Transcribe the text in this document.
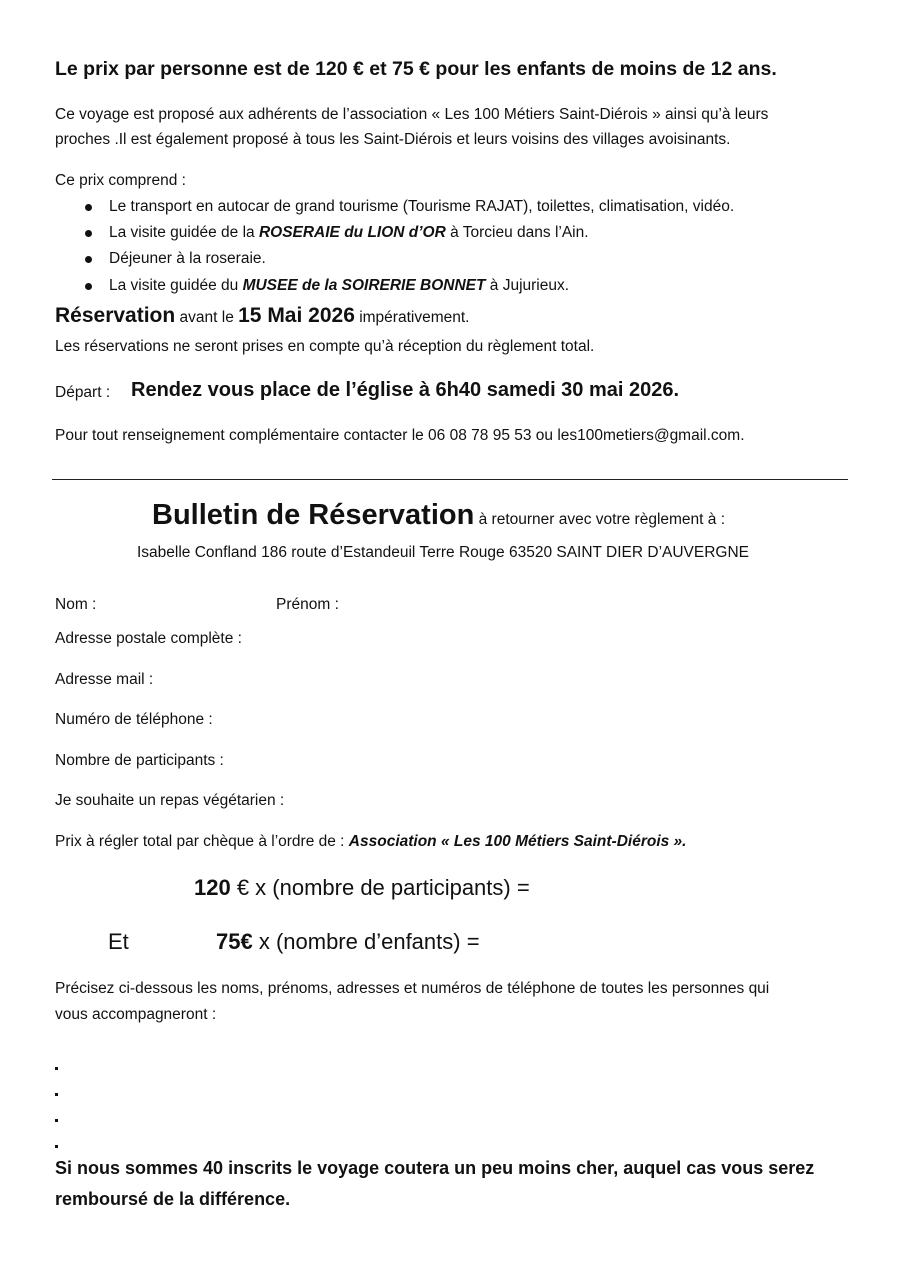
Le prix par personne est de 120 € et 75 € pour les enfants de moins de 12 ans.
Ce voyage est proposé aux adhérents de l’association « Les 100 Métiers Saint-Diérois » ainsi qu’à leurs
proches .Il est également proposé à tous les Saint-Diérois et leurs voisins des villages avoisinants.
Ce prix comprend :
Le transport en autocar de grand tourisme (Tourisme RAJAT), toilettes, climatisation, vidéo.
La visite guidée de la ROSERAIE du LION d’OR à Torcieu dans l’Ain.
Déjeuner à la roseraie.
La visite guidée du MUSEE de la SOIRERIE BONNET à Jujurieux.
Réservation avant le 15 Mai 2026 impérativement.
Les réservations ne seront prises en compte qu’à réception du règlement total.
Départ : Rendez vous place de l’église à 6h40 samedi 30 mai 2026.
Pour tout renseignement complémentaire contacter le 06 08 78 95 53 ou les100metiers@gmail.com.
Bulletin de Réservation à retourner avec votre règlement à :
Isabelle Confland 186 route d’Estandeuil Terre Rouge 63520 SAINT DIER D’AUVERGNE
Nom :	Prénom :
Adresse postale complète :
Adresse mail :
Numéro de téléphone :
Nombre de participants :
Je souhaite un repas végétarien :
Prix à régler total par chèque à l’ordre de : Association « Les 100 Métiers Saint-Diérois ».
120 € x (nombre de participants) =
Et	75€ x (nombre d’enfants) =
Précisez ci-dessous les noms, prénoms, adresses et numéros de téléphone de toutes les personnes qui
vous accompagneront :
Si nous sommes 40 inscrits le voyage coutera un peu moins cher, auquel cas vous serez
remboursé de la différence.
